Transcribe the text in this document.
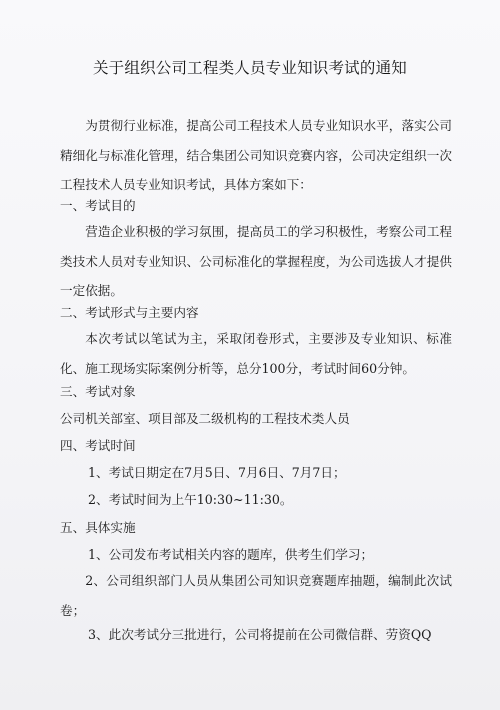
关于组织公司工程类人员专业知识考试的通知

为贯彻行业标准，提高公司工程技术人员专业知识水平，落实公司精细化与标准化管理，结合集团公司知识竞赛内容，公司决定组织一次工程技术人员专业知识考试，具体方案如下：

一、考试目的

营造企业积极的学习氛围，提高员工的学习积极性，考察公司工程类技术人员对专业知识、公司标准化的掌握程度，为公司选拔人才提供一定依据。

二、考试形式与主要内容

本次考试以笔试为主，采取闭卷形式，主要涉及专业知识、标准化、施工现场实际案例分析等，总分100分，考试时间60分钟。

三、考试对象
公司机关部室、项目部及二级机构的工程技术类人员
四、考试时间
1、考试日期定在7月5日、7月6日、7月7日；
2、考试时间为上午10:30~11:30。
五、具体实施
1、公司发布考试相关内容的题库，供考生们学习；

2、公司组织部门人员从集团公司知识竞赛题库抽题，编制此次试卷；

3、此次考试分三批进行，公司将提前在公司微信群、劳资QQ
